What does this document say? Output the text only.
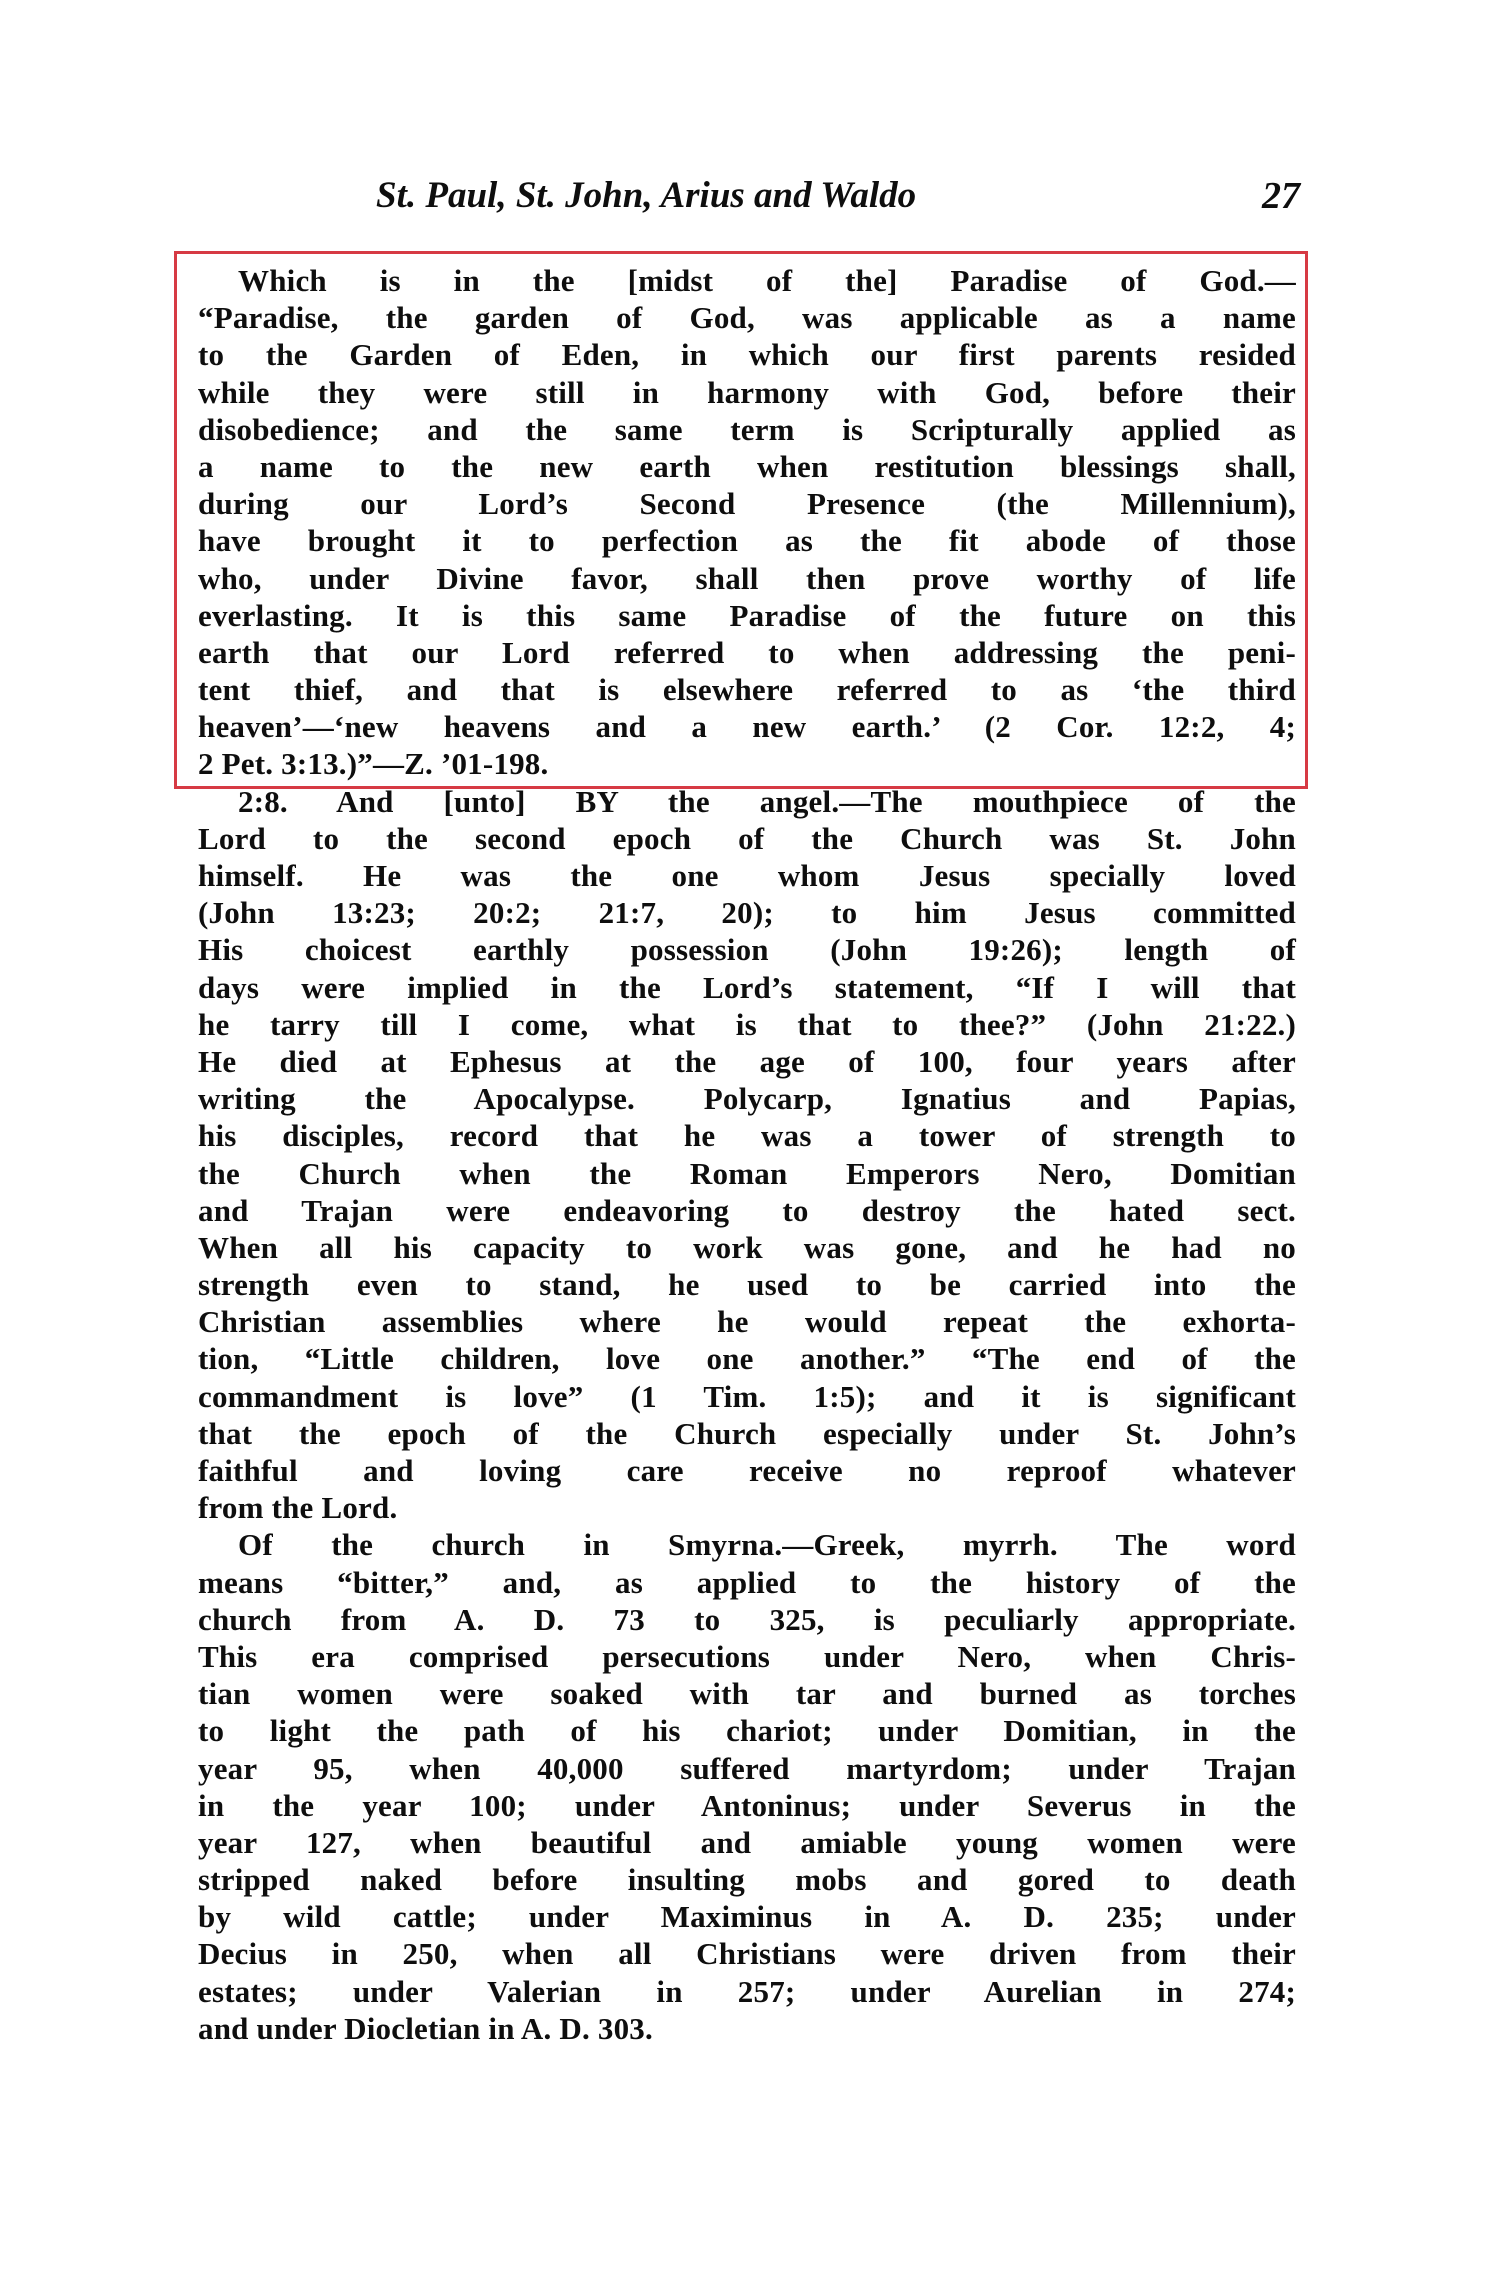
St. Paul, St. John, Arius and Waldo	27
Which is in the [midst of the] Paradise of God.—
“Paradise, the garden of God, was applicable as a name
to the Garden of Eden, in which our first parents resided
while they were still in harmony with God, before their
disobedience; and the same term is Scripturally applied as
a name to the new earth when restitution blessings shall,
during our Lord’s Second Presence (the Millennium),
have brought it to perfection as the fit abode of those
who, under Divine favor, shall then prove worthy of life
everlasting. It is this same Paradise of the future on this
earth that our Lord referred to when addressing the peni-
tent thief, and that is elsewhere referred to as ‘the third
heaven’—‘new heavens and a new earth.’ (2 Cor. 12:2, 4;
2 Pet. 3:13.)”—Z. ’01-198.
2:8. And [unto] BY the angel.—The mouthpiece of the
Lord to the second epoch of the Church was St. John
himself. He was the one whom Jesus specially loved
(John 13:23; 20:2; 21:7, 20); to him Jesus committed
His choicest earthly possession (John 19:26); length of
days were implied in the Lord’s statement, “If I will that
he tarry till I come, what is that to thee?” (John 21:22.)
He died at Ephesus at the age of 100, four years after
writing the Apocalypse. Polycarp, Ignatius and Papias,
his disciples, record that he was a tower of strength to
the Church when the Roman Emperors Nero, Domitian
and Trajan were endeavoring to destroy the hated sect.
When all his capacity to work was gone, and he had no
strength even to stand, he used to be carried into the
Christian assemblies where he would repeat the exhorta-
tion, “Little children, love one another.” “The end of the
commandment is love” (1 Tim. 1:5); and it is significant
that the epoch of the Church especially under St. John’s
faithful and loving care receive no reproof whatever
from the Lord.
Of the church in Smyrna.—Greek, myrrh. The word
means “bitter,” and, as applied to the history of the
church from A. D. 73 to 325, is peculiarly appropriate.
This era comprised persecutions under Nero, when Chris-
tian women were soaked with tar and burned as torches
to light the path of his chariot; under Domitian, in the
year 95, when 40,000 suffered martyrdom; under Trajan
in the year 100; under Antoninus; under Severus in the
year 127, when beautiful and amiable young women were
stripped naked before insulting mobs and gored to death
by wild cattle; under Maximinus in A. D. 235; under
Decius in 250, when all Christians were driven from their
estates; under Valerian in 257; under Aurelian in 274;
and under Diocletian in A. D. 303.
